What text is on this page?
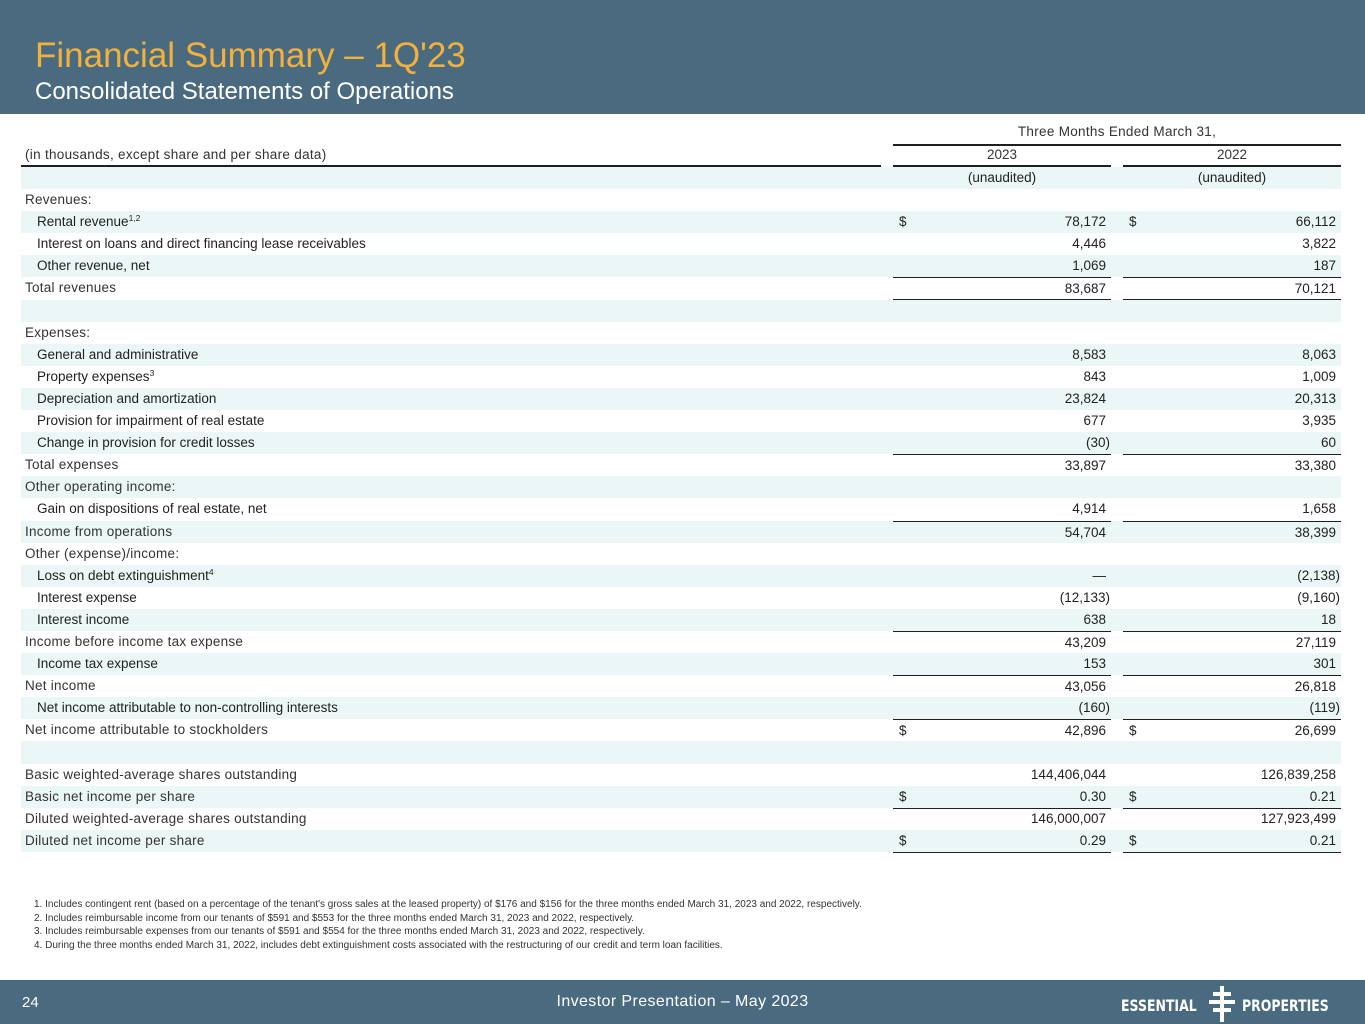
Financial Summary – 1Q'23
Consolidated Statements of Operations
Three Months Ended March 31,
(in thousands, except share and per share data)	2023	2022
(unaudited)	(unaudited)
Revenues:
Rental revenue$^{1,2}$	$	78,172 $	66,112
Interest on loans and direct financing lease receivables	4,446	3,822
Other revenue, net	1,069	187
Total revenues	83,687	70,121
Expenses:
General and administrative	8,583	8,063
Property expenses$^3$	843	1,009
Depreciation and amortization	23,824	20,313
Provision for impairment of real estate	677	3,935
Change in provision for credit losses	(30)	60
Total expenses	33,897	33,380
Other operating income:
Gain on dispositions of real estate, net	4,914	1,658
Income from operations	54,704	38,399
Other (expense)/income:
Loss on debt extinguishment$^4$	—	(2,138)
Interest expense	(12,133)	(9,160)
Interest income	638	18
Income before income tax expense	43,209	27,119
Income tax expense	153	301
Net income	43,056	26,818
Net income attributable to non-controlling interests	(160)	(119)
Net income attributable to stockholders	$	42,896 $	26,699
Basic weighted-average shares outstanding	144,406,044	126,839,258
Basic net income per share	$	0.30 $	0.21
Diluted weighted-average shares outstanding	146,000,007	127,923,499
Diluted net income per share	$	0.29 $	0.21
1. Includes contingent rent (based on a percentage of the tenant's gross sales at the leased property) of $176 and $156 for the three months ended March 31, 2023 and 2022, respectively.
2. Includes reimbursable income from our tenants of $591 and $553 for the three months ended March 31, 2023 and 2022, respectively.
3. Includes reimbursable expenses from our tenants of $591 and $554 for the three months ended March 31, 2023 and 2022, respectively.
4. During the three months ended March 31, 2022, includes debt extinguishment costs associated with the restructuring of our credit and term loan facilities.
24	Investor Presentation – May 2023	ESSENTIAL	PROPERTIES
